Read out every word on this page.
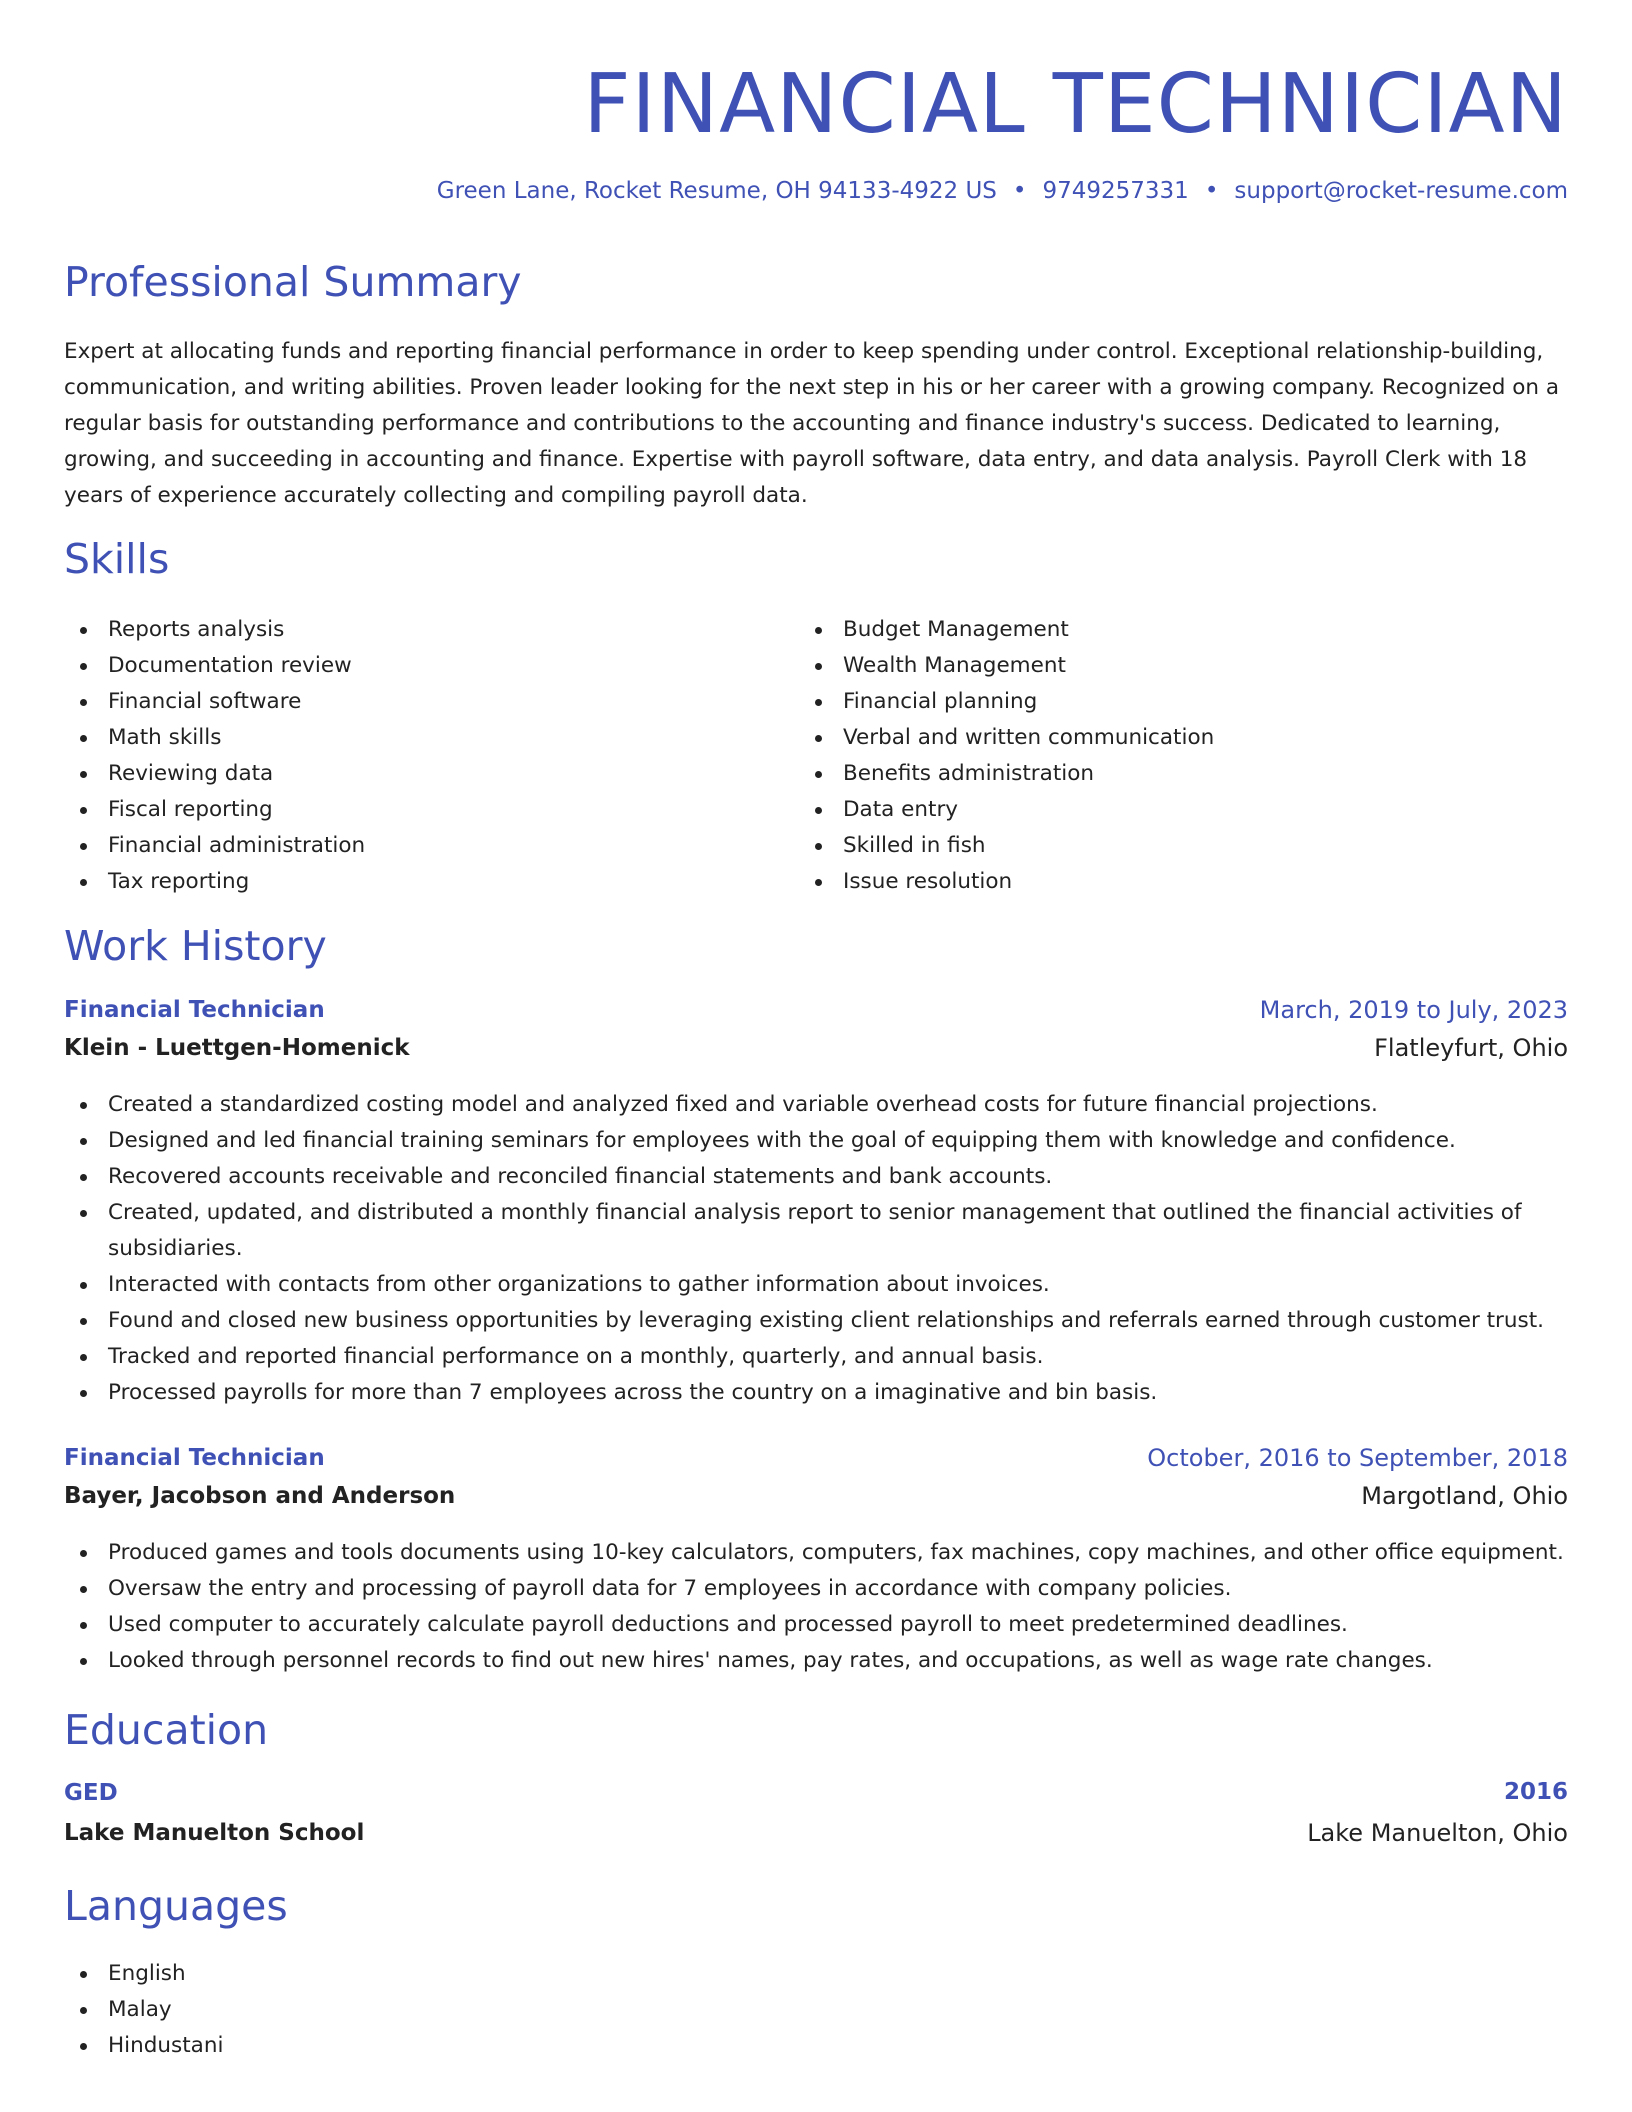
FINANCIAL TECHNICIAN
Green Lane, Rocket Resume, OH 94133-4922 US • 9749257331 • support@rocket-resume.com
Professional Summary
Expert at allocating funds and reporting financial performance in order to keep spending under control. Exceptional relationship-building, communication, and writing abilities. Proven leader looking for the next step in his or her career with a growing company. Recognized on a regular basis for outstanding performance and contributions to the accounting and finance industry's success. Dedicated to learning, growing, and succeeding in accounting and finance. Expertise with payroll software, data entry, and data analysis. Payroll Clerk with 18 years of experience accurately collecting and compiling payroll data.
Skills
Reports analysis
Documentation review
Financial software
Math skills
Reviewing data
Fiscal reporting
Financial administration
Tax reporting
Budget Management
Wealth Management
Financial planning
Verbal and written communication
Benefits administration
Data entry
Skilled in fish
Issue resolution
Work History
Financial Technician	March, 2019 to July, 2023
Klein - Luettgen-Homenick	Flatleyfurt, Ohio
Created a standardized costing model and analyzed fixed and variable overhead costs for future financial projections.
Designed and led financial training seminars for employees with the goal of equipping them with knowledge and confidence.
Recovered accounts receivable and reconciled financial statements and bank accounts.
Created, updated, and distributed a monthly financial analysis report to senior management that outlined the financial activities of subsidiaries.
Interacted with contacts from other organizations to gather information about invoices.
Found and closed new business opportunities by leveraging existing client relationships and referrals earned through customer trust.
Tracked and reported financial performance on a monthly, quarterly, and annual basis.
Processed payrolls for more than 7 employees across the country on a imaginative and bin basis.
Financial Technician	October, 2016 to September, 2018
Bayer, Jacobson and Anderson	Margotland, Ohio
Produced games and tools documents using 10-key calculators, computers, fax machines, copy machines, and other office equipment.
Oversaw the entry and processing of payroll data for 7 employees in accordance with company policies.
Used computer to accurately calculate payroll deductions and processed payroll to meet predetermined deadlines.
Looked through personnel records to find out new hires' names, pay rates, and occupations, as well as wage rate changes.
Education
GED	2016
Lake Manuelton School	Lake Manuelton, Ohio
Languages
English
Malay
Hindustani
